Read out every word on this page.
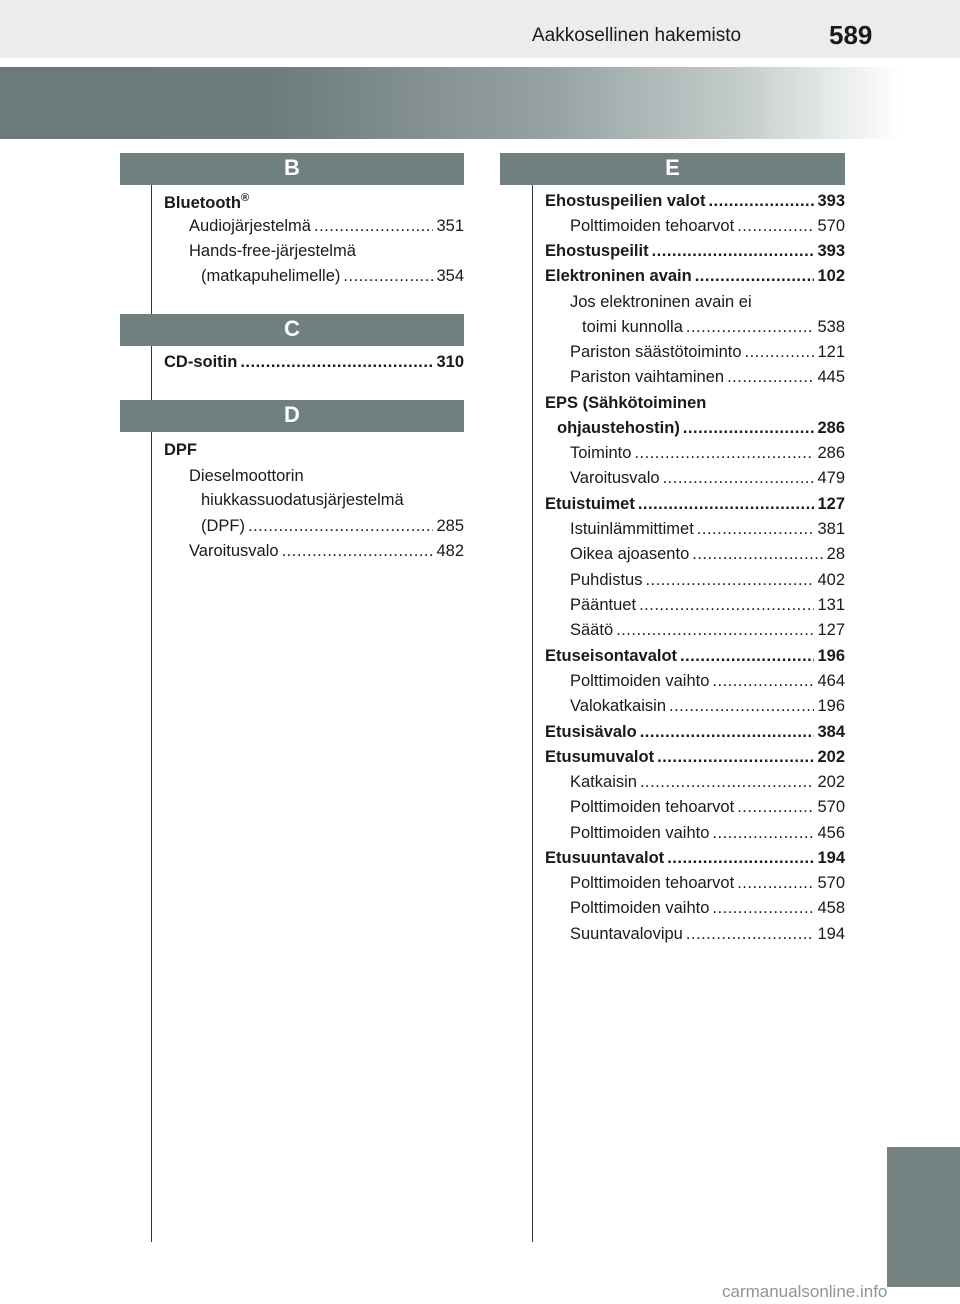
Aakkosellinen hakemisto	589
B
Bluetooth®
Audiojärjestelmä .....	351
Hands-free-järjestelmä
(matkapuhelimelle) .....	354
C
CD-soitin .....	310
D
DPF
Dieselmoottorin
hiukkassuodatusjärjestelmä
(DPF) .....	285
Varoitusvalo .....	482
E
Ehostuspeilien valot .....	393
Polttimoiden tehoarvot .....	570
Ehostuspeilit .....	393
Elektroninen avain .....	102
Jos elektroninen avain ei
toimi kunnolla .....	538
Pariston säästötoiminto .....	121
Pariston vaihtaminen .....	445
EPS (Sähkötoiminen
ohjaustehostin) .....	286
Toiminto .....	286
Varoitusvalo .....	479
Etuistuimet .....	127
Istuinlämmittimet .....	381
Oikea ajoasento .....	28
Puhdistus .....	402
Pääntuet .....	131
Säätö .....	127
Etuseisontavalot .....	196
Polttimoiden vaihto .....	464
Valokatkaisin .....	196
Etusisävalo .....	384
Etusumuvalot .....	202
Katkaisin .....	202
Polttimoiden tehoarvot .....	570
Polttimoiden vaihto .....	456
Etusuuntavalot .....	194
Polttimoiden tehoarvot .....	570
Polttimoiden vaihto .....	458
Suuntavalovipu .....	194
carmanualsonline.info
